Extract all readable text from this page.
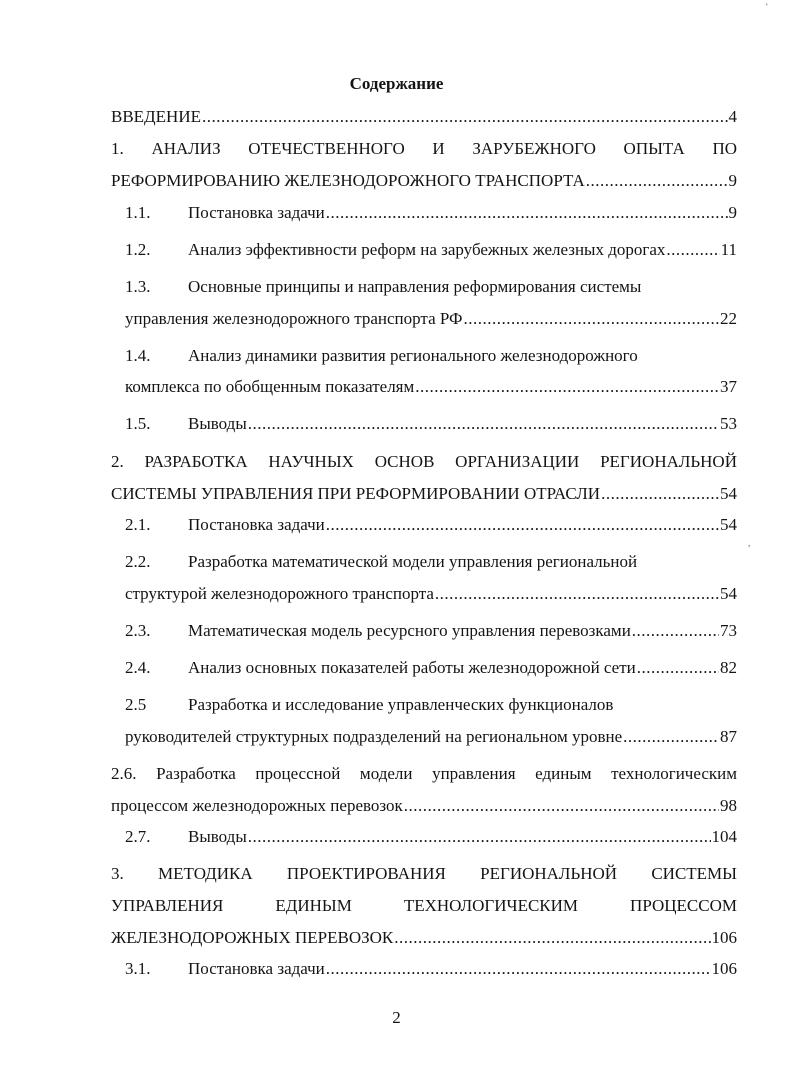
Содержание
ВВЕДЕНИЕ .....	4
1. АНАЛИЗ ОТЕЧЕСТВЕННОГО И ЗАРУБЕЖНОГО ОПЫТА ПО
РЕФОРМИРОВАНИЮ ЖЕЛЕЗНОДОРОЖНОГО ТРАНСПОРТА .....	9
1.1.	Постановка задачи .....	9
1.2.	Анализ эффективности реформ на зарубежных железных дорогах .....	11
1.3.	Основные принципы и направления реформирования системы
управления железнодорожного транспорта РФ .....	22
1.4.	Анализ динамики развития регионального железнодорожного
комплекса по обобщенным показателям .....	37
1.5.	Выводы .....	53
2. РАЗРАБОТКА НАУЧНЫХ ОСНОВ ОРГАНИЗАЦИИ РЕГИОНАЛЬНОЙ
СИСТЕМЫ УПРАВЛЕНИЯ ПРИ РЕФОРМИРОВАНИИ ОТРАСЛИ .....	54
2.1.	Постановка задачи .....	54
2.2.	Разработка математической модели управления региональной
структурой железнодорожного транспорта .....	54
2.3.	Математическая модель ресурсного управления перевозками .....	73
2.4.	Анализ основных показателей работы железнодорожной сети .....	82
2.5	Разработка и исследование управленческих функционалов
руководителей структурных подразделений на региональном уровне .....	87
2.6. Разработка процессной модели управления единым технологическим
процессом железнодорожных перевозок .....	98
2.7.	Выводы .....	104
3. МЕТОДИКА ПРОЕКТИРОВАНИЯ РЕГИОНАЛЬНОЙ СИСТЕМЫ
УПРАВЛЕНИЯ ЕДИНЫМ ТЕХНОЛОГИЧЕСКИМ ПРОЦЕССОМ
ЖЕЛЕЗНОДОРОЖНЫХ ПЕРЕВОЗОК .....	106
3.1.	Постановка задачи .....	106
2
'
,
